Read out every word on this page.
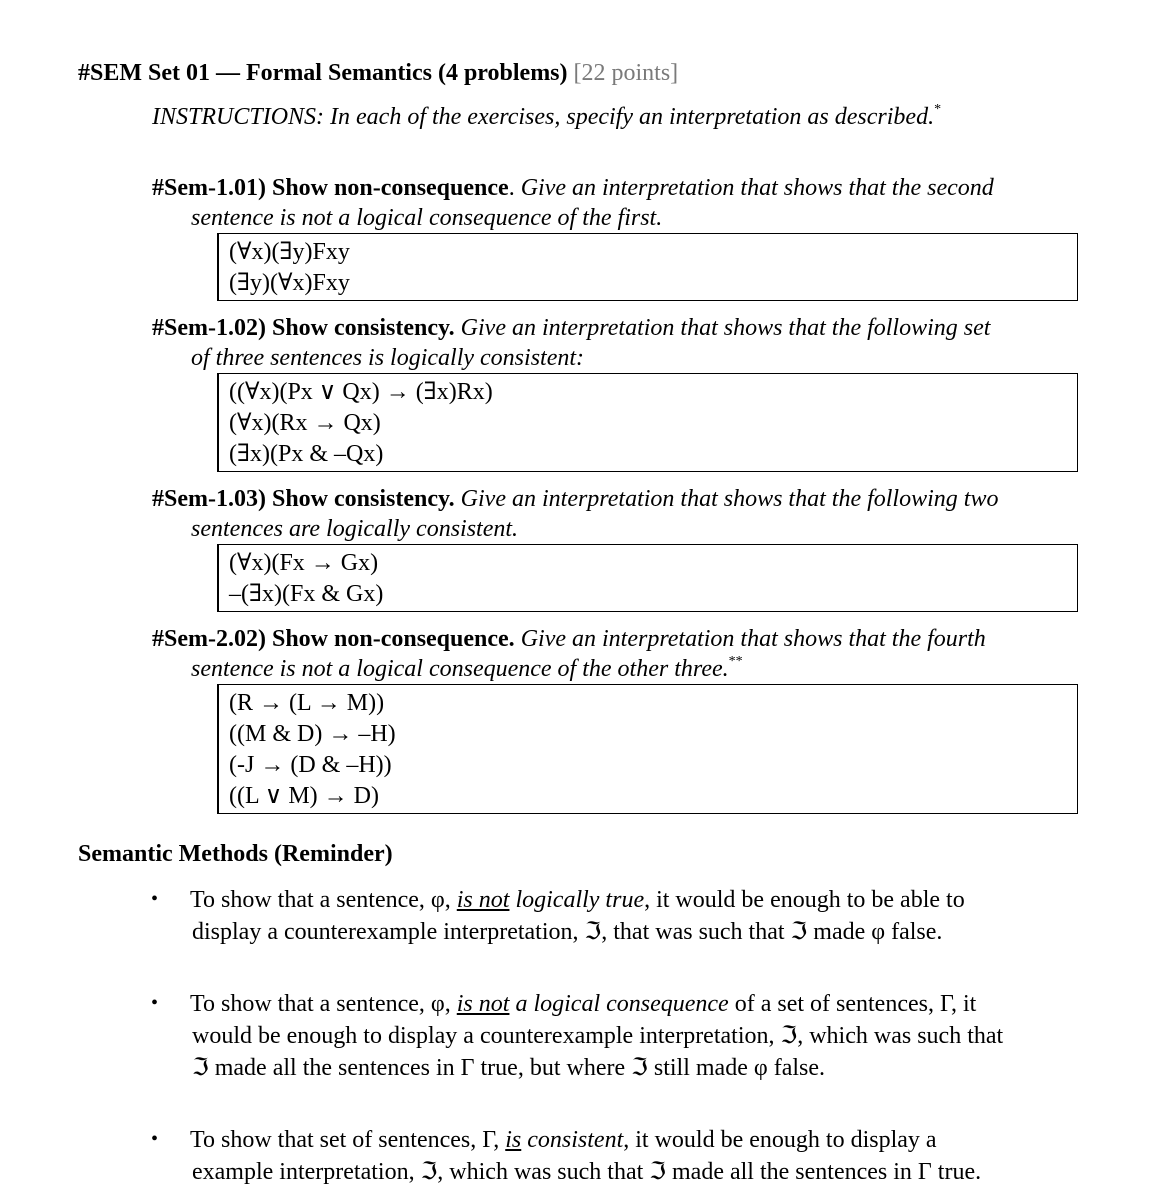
#SEM Set 01 — Formal Semantics (4 problems) [22 points]
INSTRUCTIONS: In each of the exercises, specify an interpretation as described.*
#Sem-1.01) Show non-consequence. Give an interpretation that shows that the second
sentence is not a logical consequence of the first.
(∀x)(∃y)Fxy
(∃y)(∀x)Fxy
#Sem-1.02) Show consistency. Give an interpretation that shows that the following set
of three sentences is logically consistent:
((∀x)(Px ∨ Qx) → (∃x)Rx)
(∀x)(Rx → Qx)
(∃x)(Px & –Qx)
#Sem-1.03) Show consistency. Give an interpretation that shows that the following two
sentences are logically consistent.
(∀x)(Fx → Gx)
–(∃x)(Fx & Gx)
#Sem-2.02) Show non-consequence. Give an interpretation that shows that the fourth
sentence is not a logical consequence of the other three.**
(R → (L → M))
((M & D) → –H)
(-J → (D & –H))
((L ∨ M) → D)
Semantic Methods (Reminder)
• To show that a sentence, φ, is not logically true, it would be enough to be able to
display a counterexample interpretation, ℑ, that was such that ℑ made φ false.
• To show that a sentence, φ, is not a logical consequence of a set of sentences, Γ, it
would be enough to display a counterexample interpretation, ℑ, which was such that
ℑ made all the sentences in Γ true, but where ℑ still made φ false.
• To show that set of sentences, Γ, is consistent, it would be enough to display a
example interpretation, ℑ, which was such that ℑ made all the sentences in Γ true.
